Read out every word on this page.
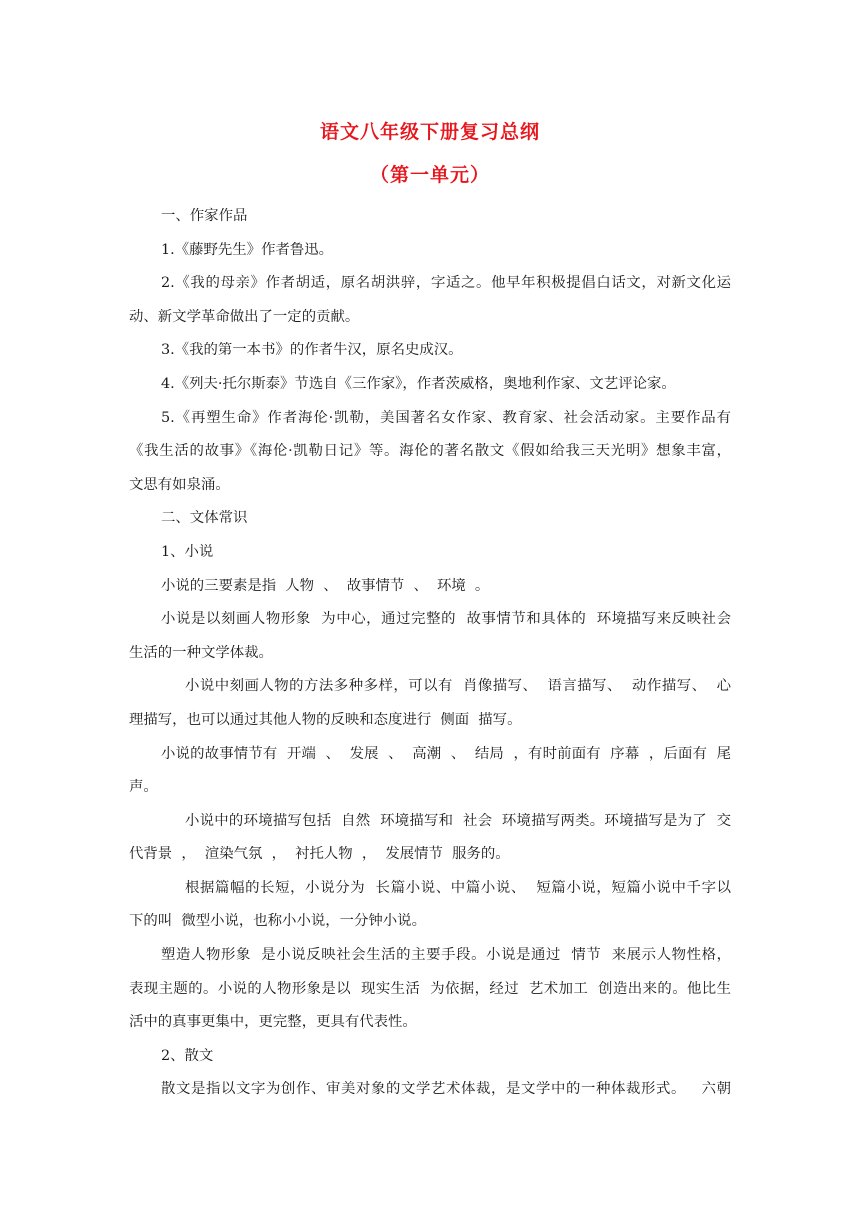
语文八年级下册复习总纲
（第一单元）
一、作家作品
1.《藤野先生》作者鲁迅。
2.《我的母亲》作者胡适，原名胡洪骍，字适之。他早年积极提倡白话文，对新文化运
动、新文学革命做出了一定的贡献。
3.《我的第一本书》的作者牛汉，原名史成汉。
4.《列夫·托尔斯泰》节选自《三作家》，作者茨威格，奥地利作家、文艺评论家。
5.《再塑生命》作者海伦·凯勒，美国著名女作家、教育家、社会活动家。主要作品有
《我生活的故事》《海伦·凯勒日记》等。海伦的著名散文《假如给我三天光明》想象丰富，
文思有如泉涌。
二、文体常识
1、小说
小说的三要素是指  人物  、  故事情节  、  环境  。
小说是以刻画人物形象  为中心，通过完整的  故事情节和具体的  环境描写来反映社会
生活的一种文学体裁。
小说中刻画人物的方法多种多样，可以有  肖像描写、  语言描写、  动作描写、  心
理描写，也可以通过其他人物的反映和态度进行  侧面  描写。
小说的故事情节有  开端  、  发展  、  高潮  、  结局  ，有时前面有  序幕  ，后面有  尾
声。
小说中的环境描写包括  自然  环境描写和  社会  环境描写两类。环境描写是为了  交
代背景  ，  渲染气氛  ，  衬托人物  ，  发展情节  服务的。
根据篇幅的长短，小说分为  长篇小说、中篇小说、  短篇小说，短篇小说中千字以
下的叫  微型小说，也称小小说，一分钟小说。
塑造人物形象  是小说反映社会生活的主要手段。小说是通过  情节  来展示人物性格，
表现主题的。小说的人物形象是以  现实生活  为依据，经过  艺术加工  创造出来的。他比生
活中的真事更集中，更完整，更具有代表性。
2、散文
散文是指以文字为创作、审美对象的文学艺术体裁，是文学中的一种体裁形式。   六朝
